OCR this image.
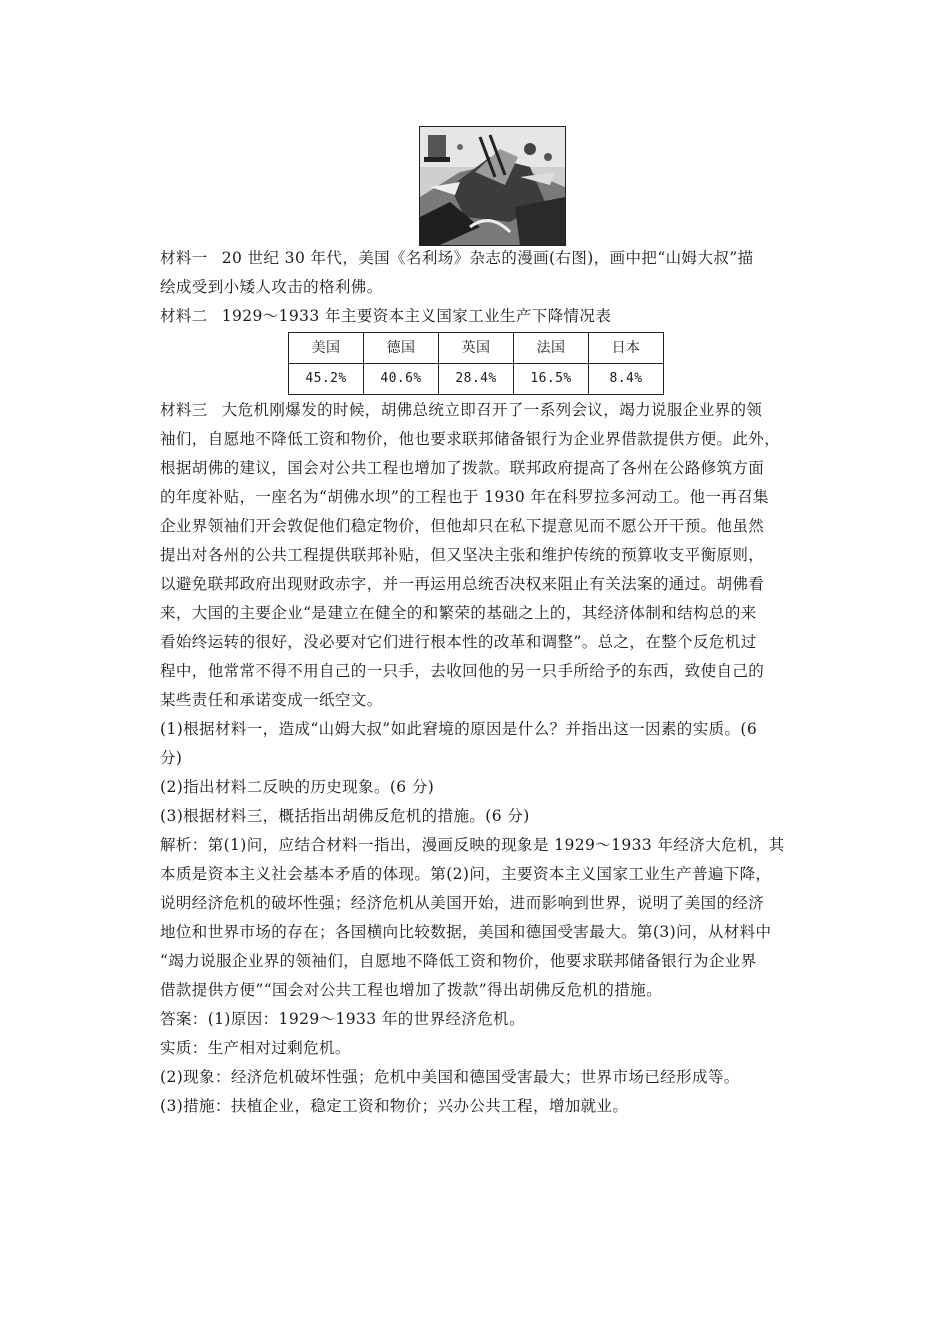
材料一 20 世纪 30 年代，美国《名利场》杂志的漫画(右图)，画中把“山姆大叔”描

绘成受到小矮人攻击的格利佛。

材料二 1929～1933 年主要资本主义国家工业生产下降情况表

美国	德国	英国	法国	日本
45.2%	40.6%	28.4%	16.5%	8.4%

材料三 大危机刚爆发的时候，胡佛总统立即召开了一系列会议，竭力说服企业界的领

袖们，自愿地不降低工资和物价，他也要求联邦储备银行为企业界借款提供方便。此外，

根据胡佛的建议，国会对公共工程也增加了拨款。联邦政府提高了各州在公路修筑方面

的年度补贴，一座名为“胡佛水坝”的工程也于 1930 年在科罗拉多河动工。他一再召集

企业界领袖们开会敦促他们稳定物价，但他却只在私下提意见而不愿公开干预。他虽然

提出对各州的公共工程提供联邦补贴，但又坚决主张和维护传统的预算收支平衡原则，

以避免联邦政府出现财政赤字，并一再运用总统否决权来阻止有关法案的通过。胡佛看

来，大国的主要企业“是建立在健全的和繁荣的基础之上的，其经济体制和结构总的来

看始终运转的很好，没必要对它们进行根本性的改革和调整”。总之，在整个反危机过

程中，他常常不得不用自己的一只手，去收回他的另一只手所给予的东西，致使自己的

某些责任和承诺变成一纸空文。

(1)根据材料一，造成“山姆大叔”如此窘境的原因是什么？并指出这一因素的实质。(6

分)

(2)指出材料二反映的历史现象。(6 分)

(3)根据材料三，概括指出胡佛反危机的措施。(6 分)

解析：第(1)问，应结合材料一指出，漫画反映的现象是 1929～1933 年经济大危机，其

本质是资本主义社会基本矛盾的体现。第(2)问，主要资本主义国家工业生产普遍下降，

说明经济危机的破坏性强；经济危机从美国开始，进而影响到世界，说明了美国的经济

地位和世界市场的存在；各国横向比较数据，美国和德国受害最大。第(3)问，从材料中

“竭力说服企业界的领袖们，自愿地不降低工资和物价，他要求联邦储备银行为企业界

借款提供方便”“国会对公共工程也增加了拨款”得出胡佛反危机的措施。

答案：(1)原因：1929～1933 年的世界经济危机。

实质：生产相对过剩危机。

(2)现象：经济危机破坏性强；危机中美国和德国受害最大；世界市场已经形成等。

(3)措施：扶植企业，稳定工资和物价；兴办公共工程，增加就业。
